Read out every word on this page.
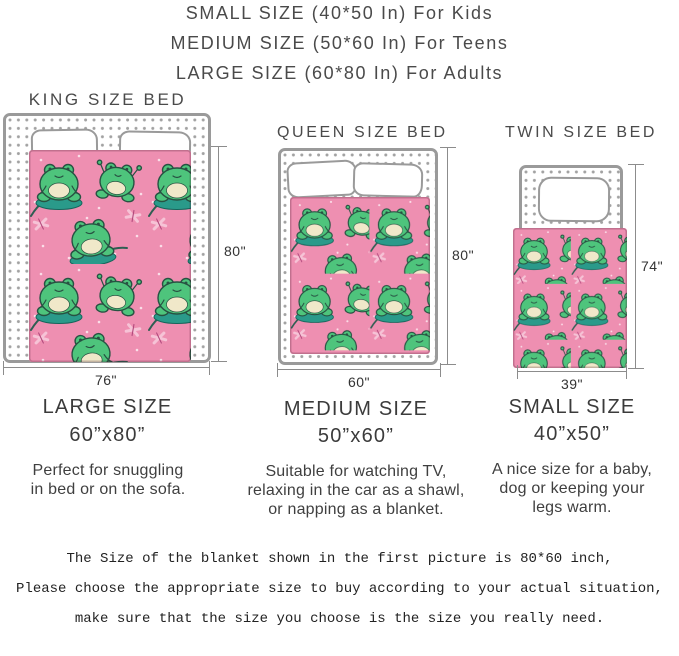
SMALL SIZE (40*50 In) For Kids
MEDIUM SIZE (50*60 In) For Teens
LARGE SIZE (60*80 In) For Adults
KING SIZE BED
80"
76"
QUEEN SIZE BED
80"
60"
TWIN SIZE BED
74"
39"
LARGE SIZE
60”x80”
Perfect for snuggling
in bed or on the sofa.
MEDIUM SIZE
50”x60”
Suitable for watching TV,
relaxing in the car as a shawl,
or napping as a blanket.
SMALL SIZE
40”x50”
A nice size for a baby,
dog or keeping your
legs warm.
The Size of the blanket shown in the first picture is 80*60 inch,
Please choose the appropriate size to buy according to your actual situation,
make sure that the size you choose is the size you really need.
